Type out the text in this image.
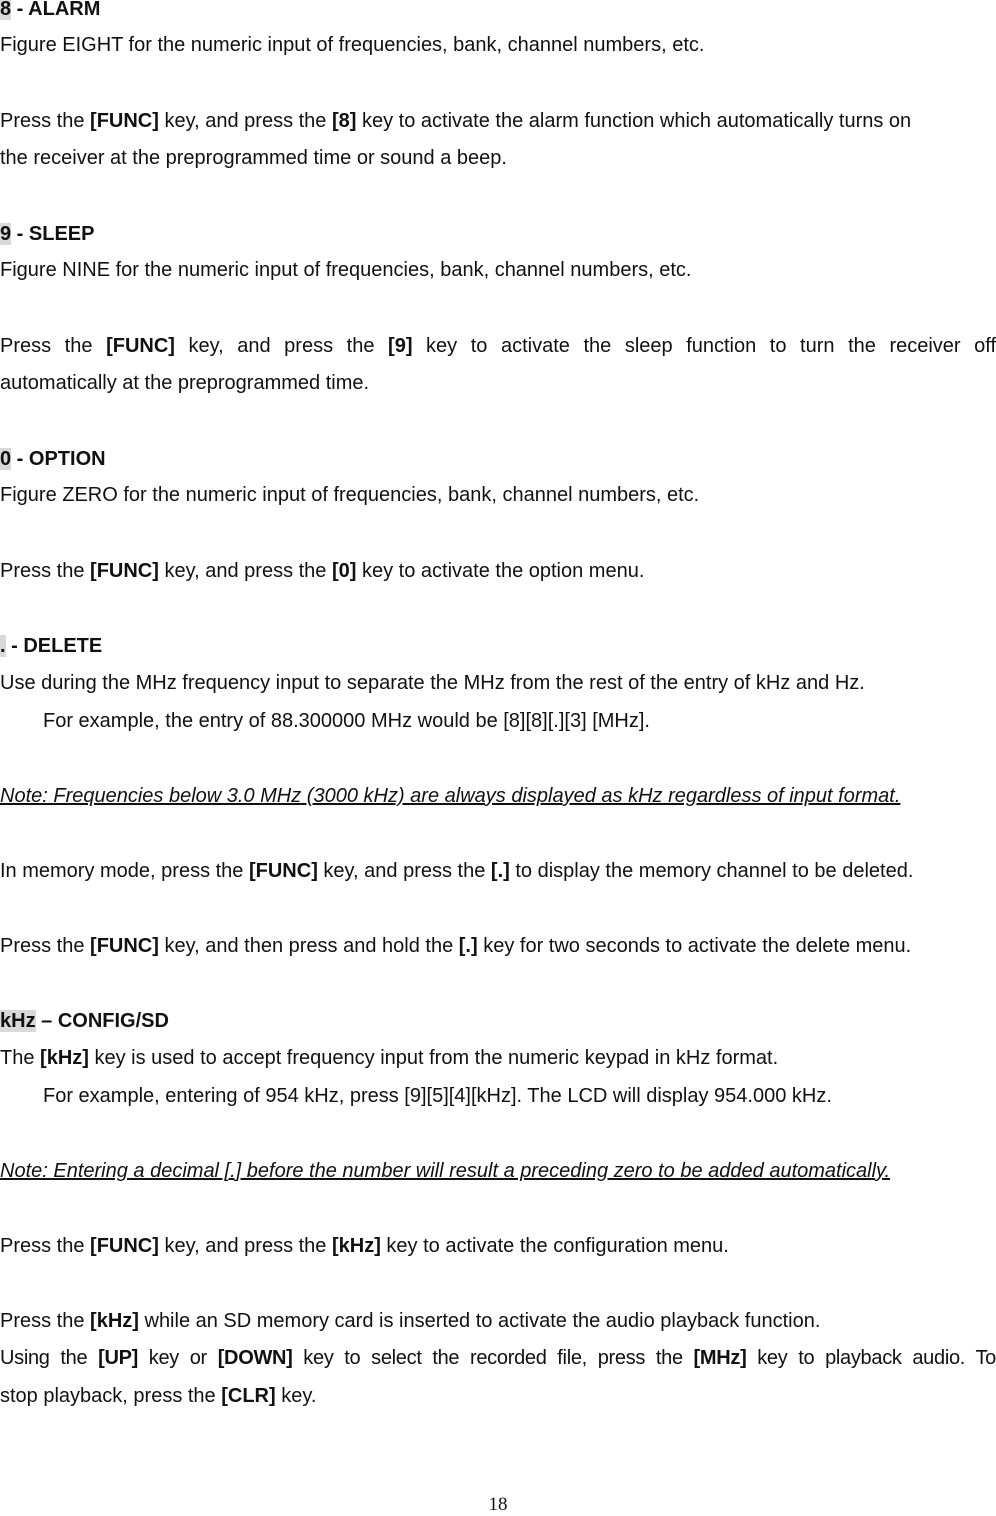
8 - ALARM
Figure EIGHT for the numeric input of frequencies, bank, channel numbers, etc.
Press the [FUNC] key, and press the [8] key to activate the alarm function which automatically turns on
the receiver at the preprogrammed time or sound a beep.
9 - SLEEP
Figure NINE for the numeric input of frequencies, bank, channel numbers, etc.
Press the [FUNC] key, and press the [9] key to activate the sleep function to turn the receiver off
automatically at the preprogrammed time.
0 - OPTION
Figure ZERO for the numeric input of frequencies, bank, channel numbers, etc.
Press the [FUNC] key, and press the [0] key to activate the option menu.
. - DELETE
Use during the MHz frequency input to separate the MHz from the rest of the entry of kHz and Hz.
For example, the entry of 88.300000 MHz would be [8][8][.][3] [MHz].
Note: Frequencies below 3.0 MHz (3000 kHz) are always displayed as kHz regardless of input format.
In memory mode, press the [FUNC] key, and press the [.] to display the memory channel to be deleted.
Press the [FUNC] key, and then press and hold the [.] key for two seconds to activate the delete menu.
kHz – CONFIG/SD
The [kHz] key is used to accept frequency input from the numeric keypad in kHz format.
For example, entering of 954 kHz, press [9][5][4][kHz]. The LCD will display 954.000 kHz.
Note: Entering a decimal [.] before the number will result a preceding zero to be added automatically.
Press the [FUNC] key, and press the [kHz] key to activate the configuration menu.
Press the [kHz] while an SD memory card is inserted to activate the audio playback function.
Using the [UP] key or [DOWN] key to select the recorded file, press the [MHz] key to playback audio. To
stop playback, press the [CLR] key.
18
